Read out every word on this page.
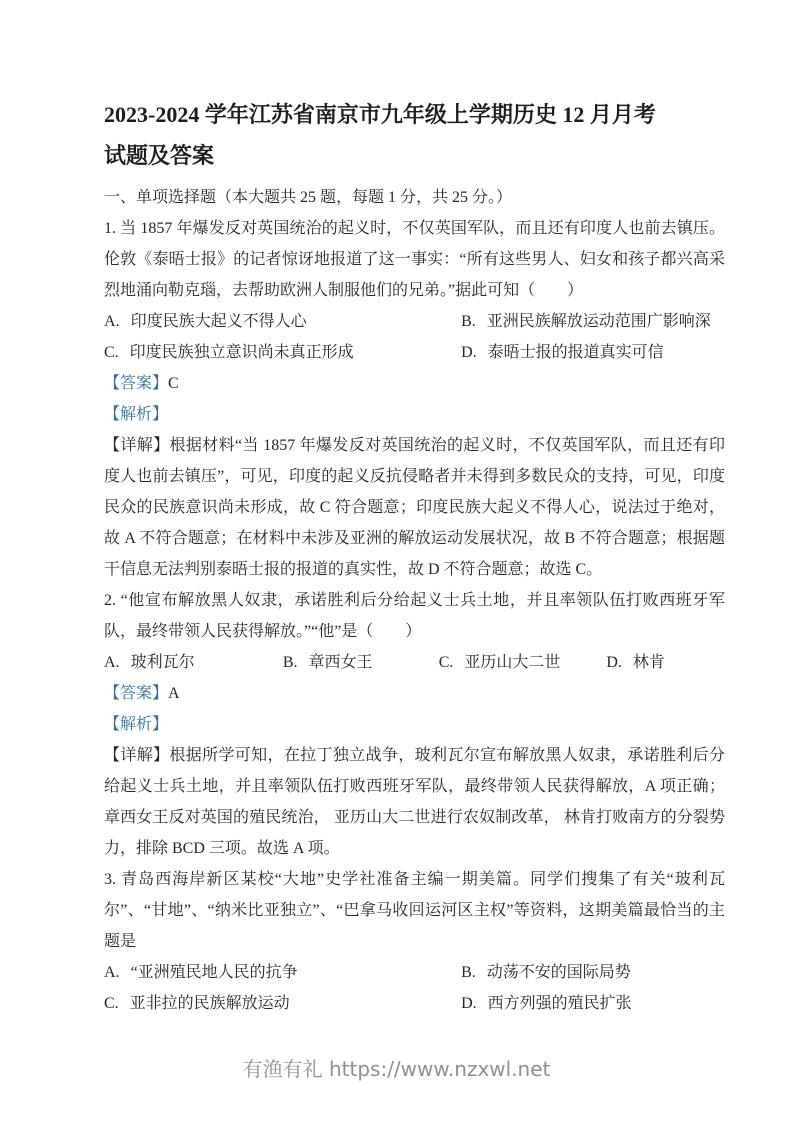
2023-2024 学年江苏省南京市九年级上学期历史 12 月月考
试题及答案

一、单项选择题（本大题共 25 题，每题 1 分，共 25 分。）

1. 当 1857 年爆发反对英国统治的起义时，不仅英国军队，而且还有印度人也前去镇压。伦敦《泰晤士报》的记者惊讶地报道了这一事实：“所有这些男人、妇女和孩子都兴高采烈地涌向勒克瑙，去帮助欧洲人制服他们的兄弟。”据此可知（　　）

A. 印度民族大起义不得人心	B. 亚洲民族解放运动范围广影响深
C. 印度民族独立意识尚未真正形成	D. 泰晤士报的报道真实可信

【答案】C

【解析】

【详解】根据材料“当 1857 年爆发反对英国统治的起义时，不仅英国军队，而且还有印度人也前去镇压”，可见，印度的起义反抗侵略者并未得到多数民众的支持，可见，印度民众的民族意识尚未形成，故 C 符合题意；印度民族大起义不得人心，说法过于绝对，故 A 不符合题意；在材料中未涉及亚洲的解放运动发展状况，故 B 不符合题意；根据题干信息无法判别泰晤士报的报道的真实性，故 D 不符合题意；故选 C。

2. “他宣布解放黑人奴隶，承诺胜利后分给起义士兵土地，并且率领队伍打败西班牙军队，最终带领人民获得解放。”“他”是（　　）

A. 玻利瓦尔	B. 章西女王	C. 亚历山大二世	D. 林肯

【答案】A

【解析】

【详解】根据所学可知，在拉丁独立战争，玻利瓦尔宣布解放黑人奴隶，承诺胜利后分给起义士兵土地，并且率领队伍打败西班牙军队，最终带领人民获得解放，A 项正确；章西女王反对英国的殖民统治， 亚历山大二世进行农奴制改革， 林肯打败南方的分裂势力，排除 BCD 三项。故选 A 项。

3. 青岛西海岸新区某校“大地”史学社准备主编一期美篇。同学们搜集了有关“玻利瓦尔”、“甘地”、“纳米比亚独立”、“巴拿马收回运河区主权”等资料，这期美篇最恰当的主题是

A. “亚洲殖民地人民的抗争	B. 动荡不安的国际局势
C. 亚非拉的民族解放运动	D. 西方列强的殖民扩张
有渔有礼 https://www.nzxwl.net
